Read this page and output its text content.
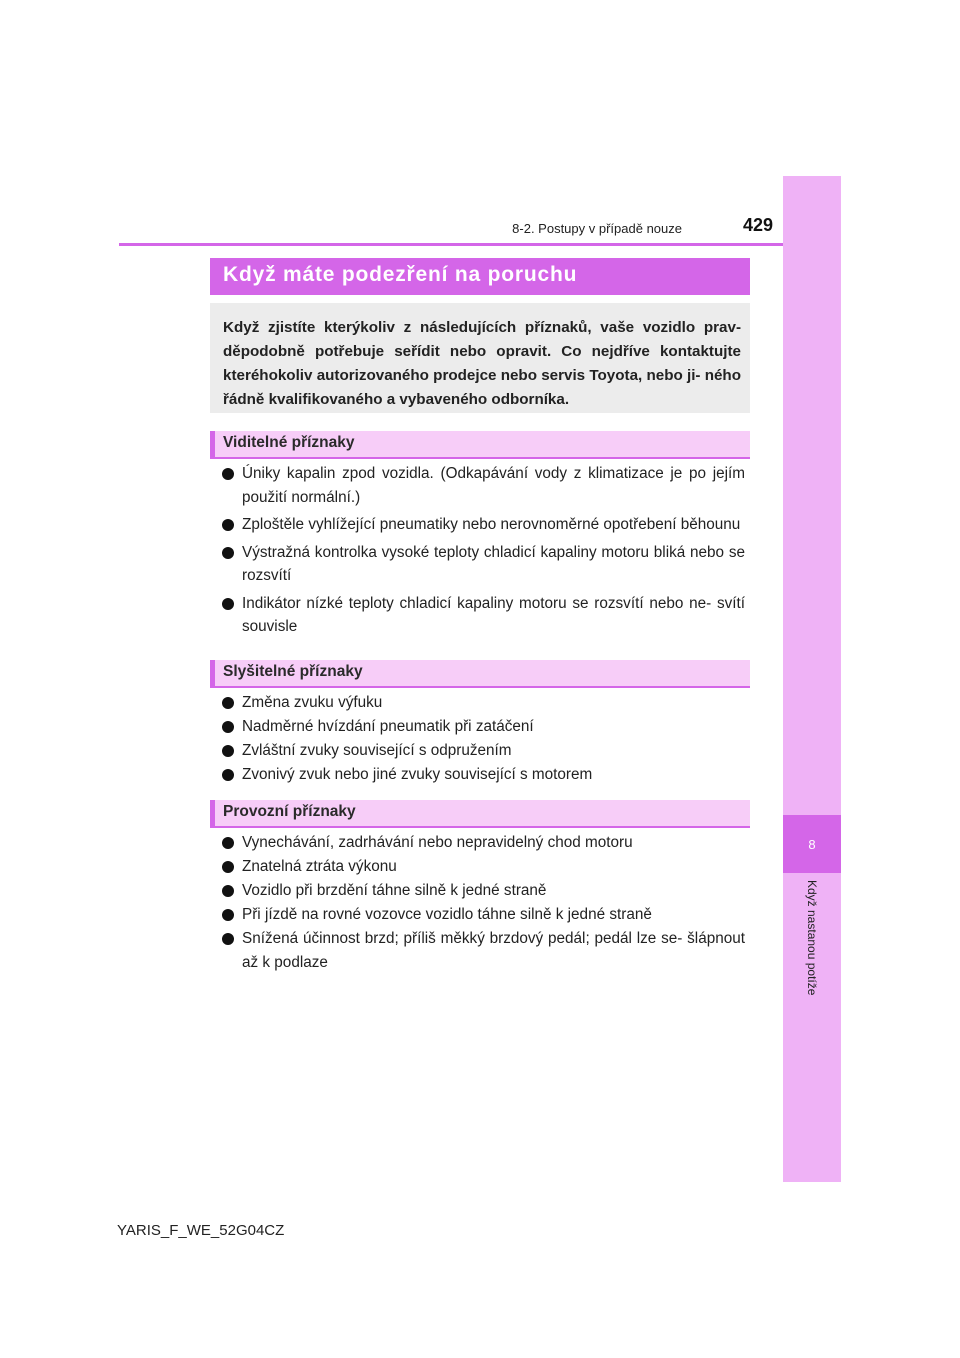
8
Když nastanou potíže
8-2. Postupy v případě nouze	429
Když máte podezření na poruchu

Když zjistíte kterýkoliv z následujících příznaků, vaše vozidlo prav- děpodobně potřebuje seřídit nebo opravit. Co nejdříve kontaktujte kteréhokoliv autorizovaného prodejce nebo servis Toyota, nebo ji- ného řádně kvalifikovaného a vybaveného odborníka.

Viditelné příznaky
Úniky kapalin zpod vozidla. (Odkapávání vody z klimatizace je po jejím použití normální.)
Zploštěle vyhlížející pneumatiky nebo nerovnoměrné opotřebení běhounu
Výstražná kontrolka vysoké teploty chladicí kapaliny motoru bliká nebo se rozsvítí
Indikátor nízké teploty chladicí kapaliny motoru se rozsvítí nebo ne- svítí souvisle
Slyšitelné příznaky
Změna zvuku výfuku
Nadměrné hvízdání pneumatik při zatáčení
Zvláštní zvuky související s odpružením
Zvonivý zvuk nebo jiné zvuky související s motorem
Provozní příznaky
Vynechávání, zadrhávání nebo nepravidelný chod motoru
Znatelná ztráta výkonu
Vozidlo při brzdění táhne silně k jedné straně
Při jízdě na rovné vozovce vozidlo táhne silně k jedné straně
Snížená účinnost brzd; příliš měkký brzdový pedál; pedál lze se- šlápnout až k podlaze
YARIS_F_WE_52G04CZ
